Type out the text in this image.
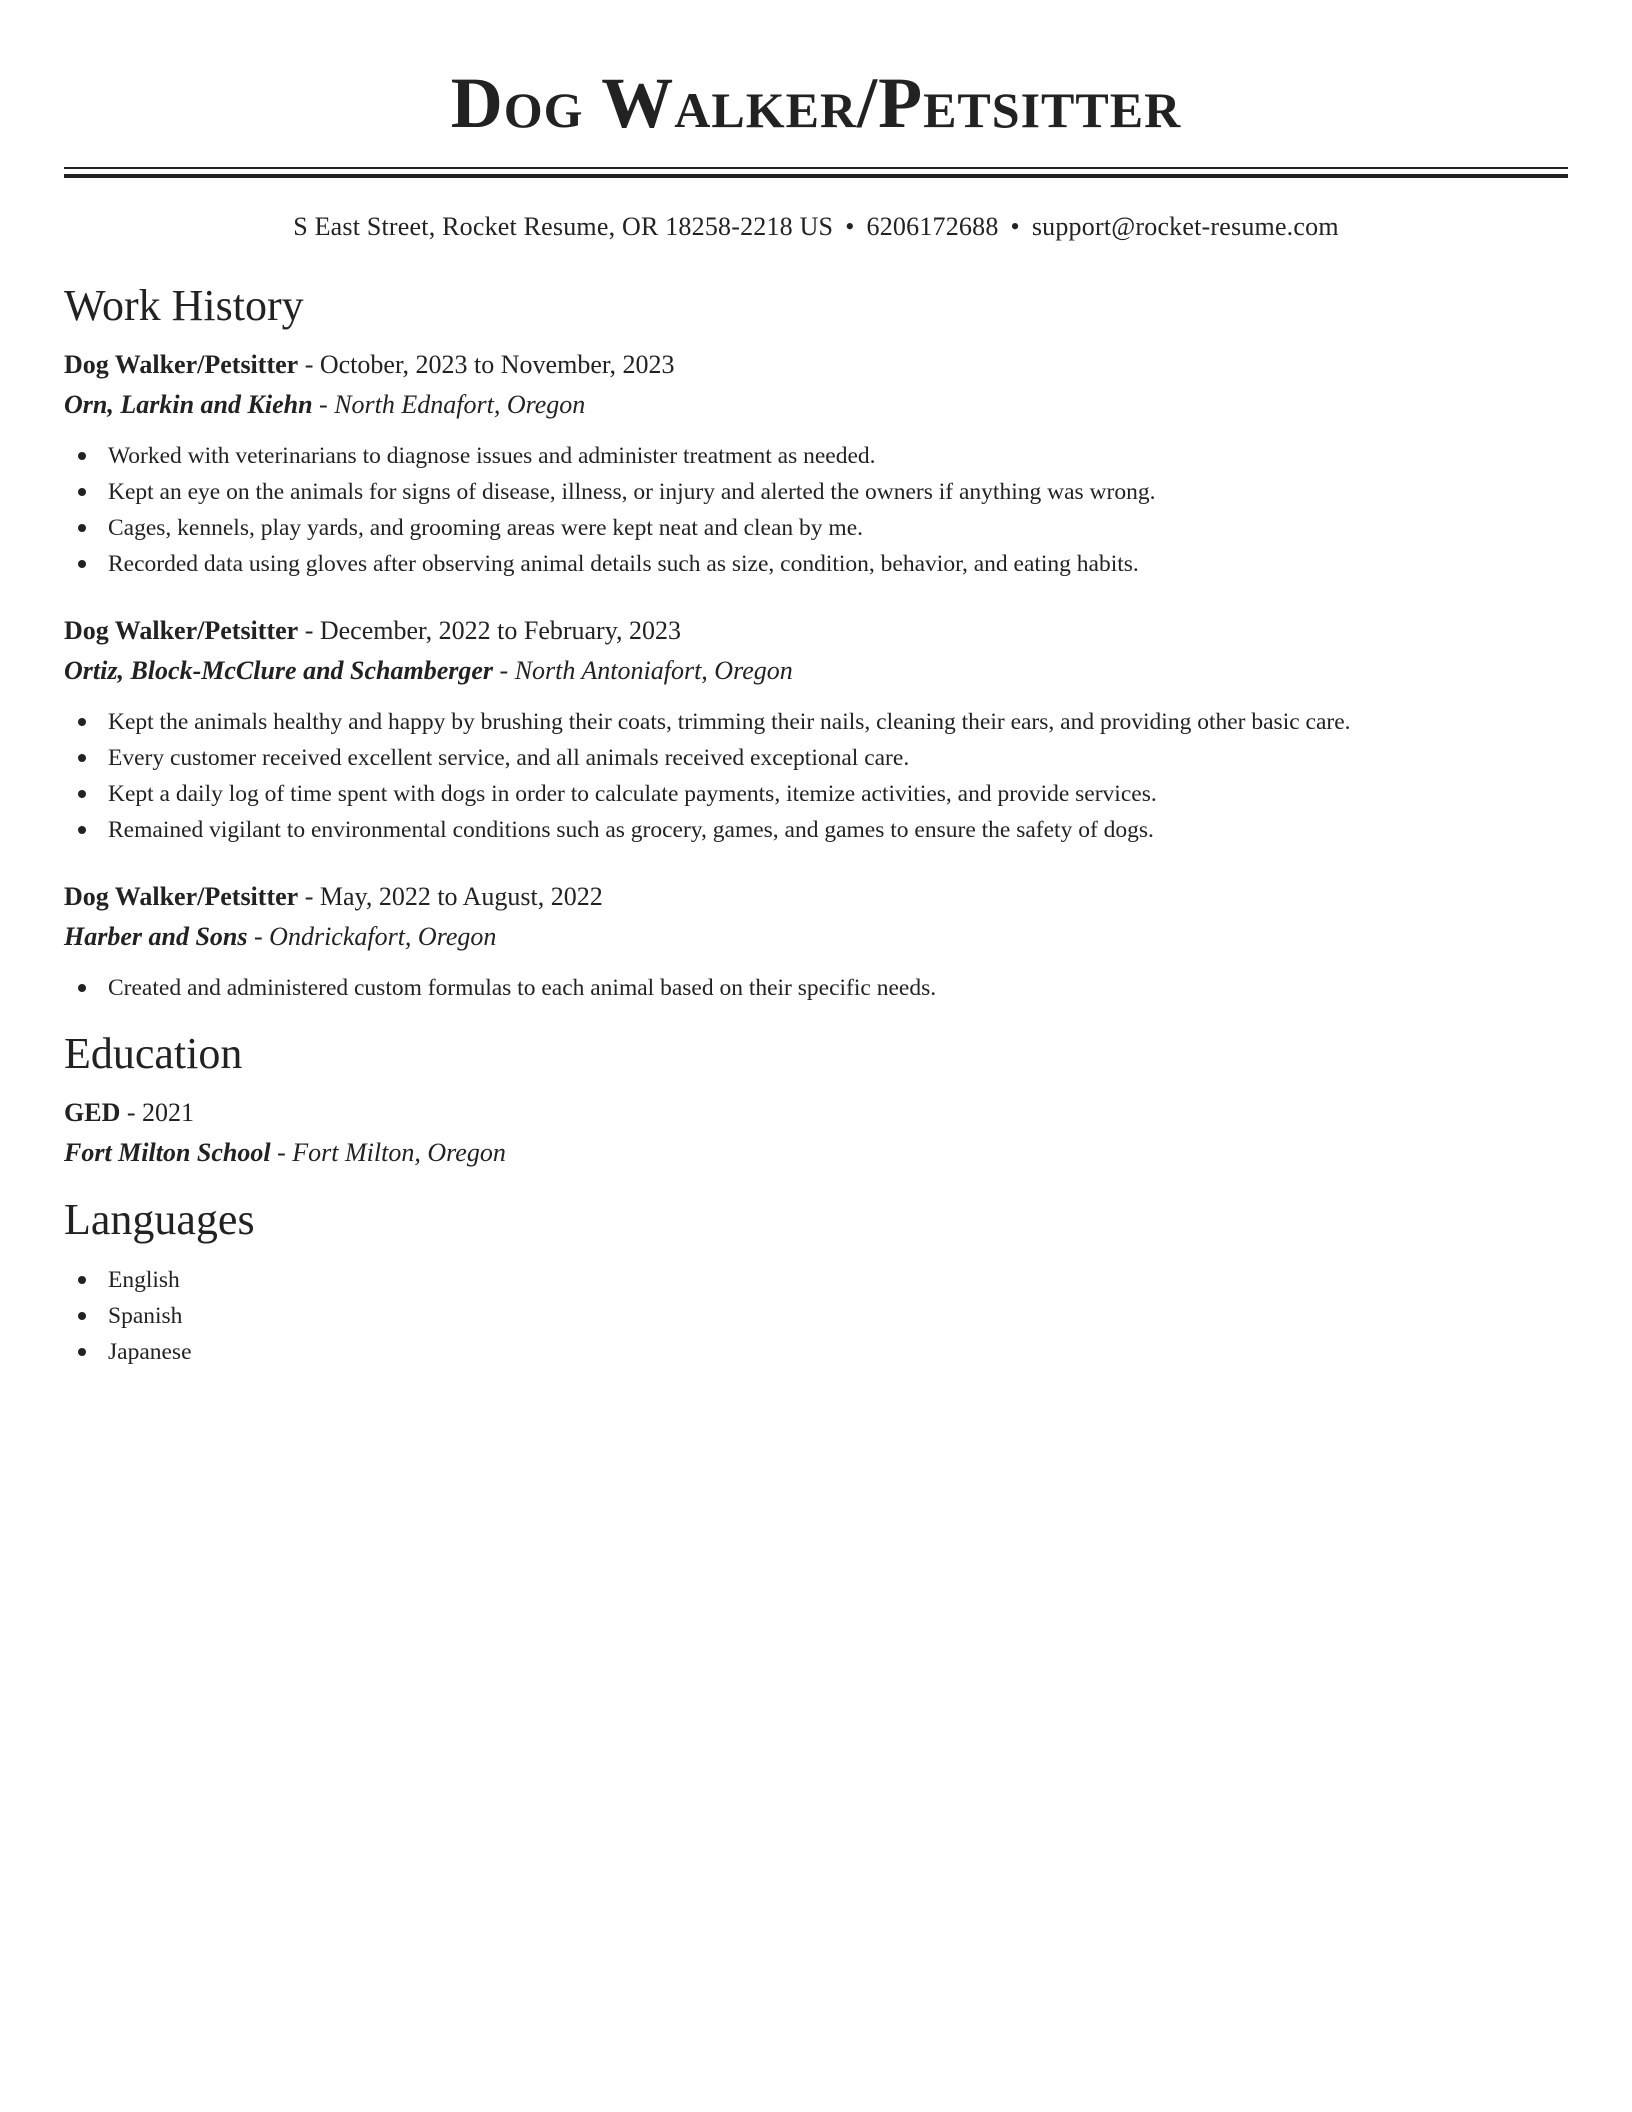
Dog Walker/Petsitter
S East Street, Rocket Resume, OR 18258-2218 US • 6206172688 • support@rocket-resume.com
Work History
Dog Walker/Petsitter - October, 2023 to November, 2023
Orn, Larkin and Kiehn - North Ednafort, Oregon
Worked with veterinarians to diagnose issues and administer treatment as needed.
Kept an eye on the animals for signs of disease, illness, or injury and alerted the owners if anything was wrong.
Cages, kennels, play yards, and grooming areas were kept neat and clean by me.
Recorded data using gloves after observing animal details such as size, condition, behavior, and eating habits.
Dog Walker/Petsitter - December, 2022 to February, 2023
Ortiz, Block-McClure and Schamberger - North Antoniafort, Oregon
Kept the animals healthy and happy by brushing their coats, trimming their nails, cleaning their ears, and providing other basic care.
Every customer received excellent service, and all animals received exceptional care.
Kept a daily log of time spent with dogs in order to calculate payments, itemize activities, and provide services.
Remained vigilant to environmental conditions such as grocery, games, and games to ensure the safety of dogs.
Dog Walker/Petsitter - May, 2022 to August, 2022
Harber and Sons - Ondrickafort, Oregon
Created and administered custom formulas to each animal based on their specific needs.
Education
GED - 2021
Fort Milton School - Fort Milton, Oregon
Languages
English
Spanish
Japanese
